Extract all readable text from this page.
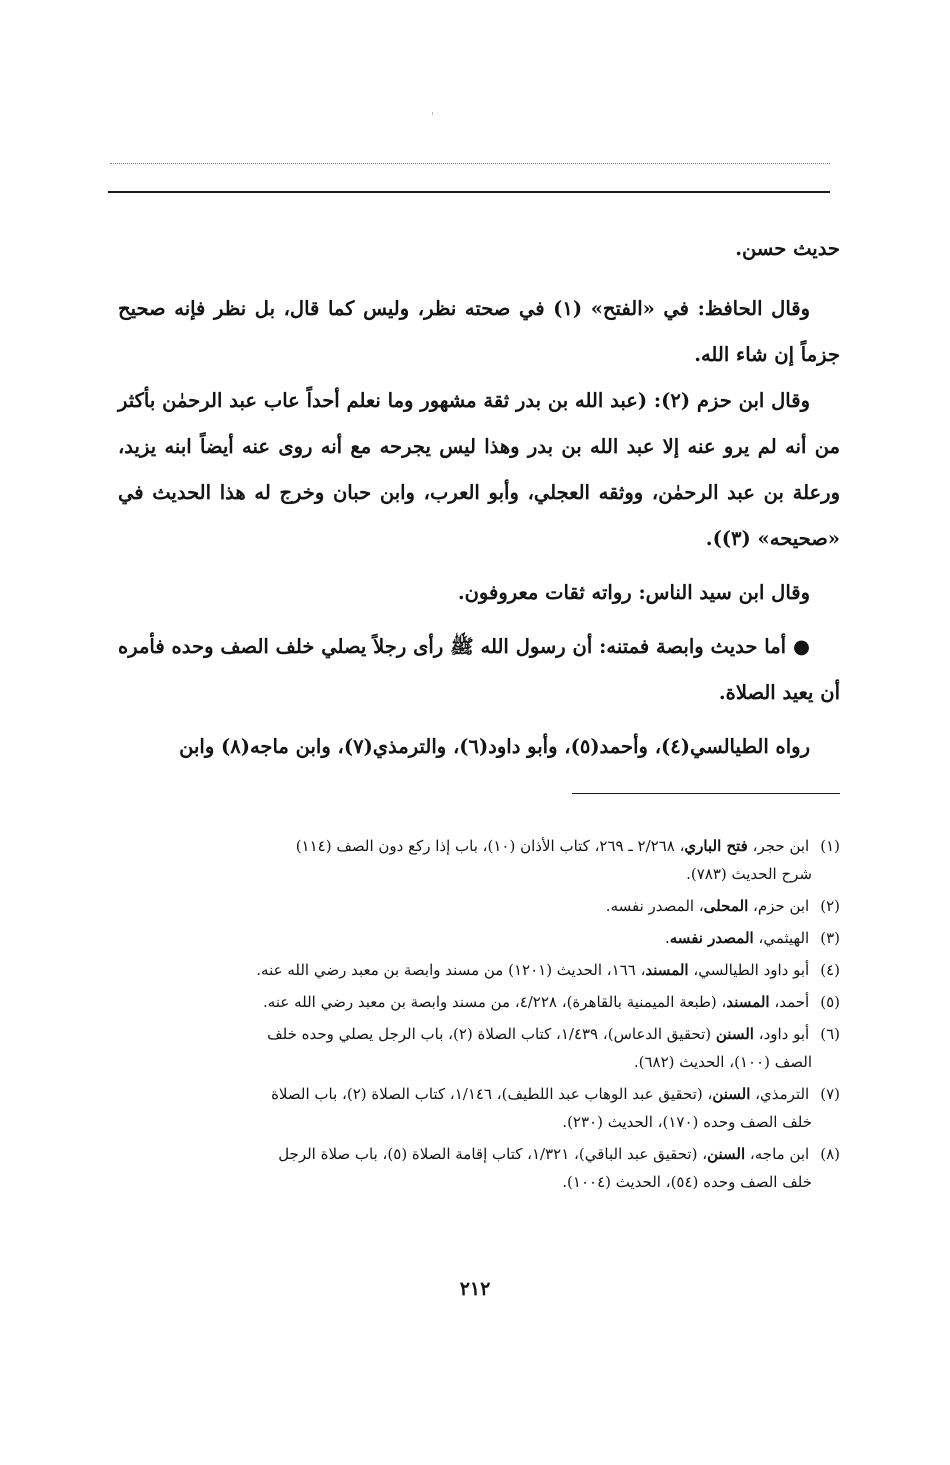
حديث حسن.

وقال الحافظ: في «الفتح» (١) في صحته نظر، وليس كما قال، بل نظر فإنه صحيح جزماً إن شاء الله.

وقال ابن حزم (٢): (عبد الله بن بدر ثقة مشهور وما نعلم أحداً عاب عبد الرحمٰن بأكثر من أنه لم يرو عنه إلا عبد الله بن بدر وهذا ليس يجرحه مع أنه روى عنه أيضاً ابنه يزيد، ورعلة بن عبد الرحمٰن، ووثقه العجلي، وأبو العرب، وابن حبان وخرج له هذا الحديث في «صحيحه» (٣)).

وقال ابن سيد الناس: رواته ثقات معروفون.

● أما حديث وابصة فمتنه: أن رسول الله ﷺ رأى رجلاً يصلي خلف الصف وحده فأمره أن يعيد الصلاة.

رواه الطيالسي(٤)، وأحمد(٥)، وأبو داود(٦)، والترمذي(٧)، وابن ماجه(٨) وابن

(١) ابن حجر، فتح الباري، ٢/٢٦٨ ـ ٢٦٩، كتاب الأذان (١٠)، باب إذا ركع دون الصف (١١٤)
شرح الحديث (٧٨٣).
(٢) ابن حزم، المحلى، المصدر نفسه.
(٣) الهيثمي، المصدر نفسه.
(٤) أبو داود الطيالسي، المسند، ١٦٦، الحديث (١٢٠١) من مسند وابصة بن معبد رضي الله عنه.
(٥) أحمد، المسند، (طبعة الميمنية بالقاهرة)، ٤/٢٢٨، من مسند وابصة بن معبد رضي الله عنه.
(٦) أبو داود، السنن (تحقيق الدعاس)، ١/٤٣٩، كتاب الصلاة (٢)، باب الرجل يصلي وحده خلف
الصف (١٠٠)، الحديث (٦٨٢).
(٧) الترمذي، السنن، (تحقيق عبد الوهاب عبد اللطيف)، ١/١٤٦، كتاب الصلاة (٢)، باب الصلاة
خلف الصف وحده (١٧٠)، الحديث (٢٣٠).
(٨) ابن ماجه، السنن، (تحقيق عبد الباقي)، ١/٣٢١، كتاب إقامة الصلاة (٥)، باب صلاة الرجل
خلف الصف وحده (٥٤)، الحديث (١٠٠٤).
٢١٢
